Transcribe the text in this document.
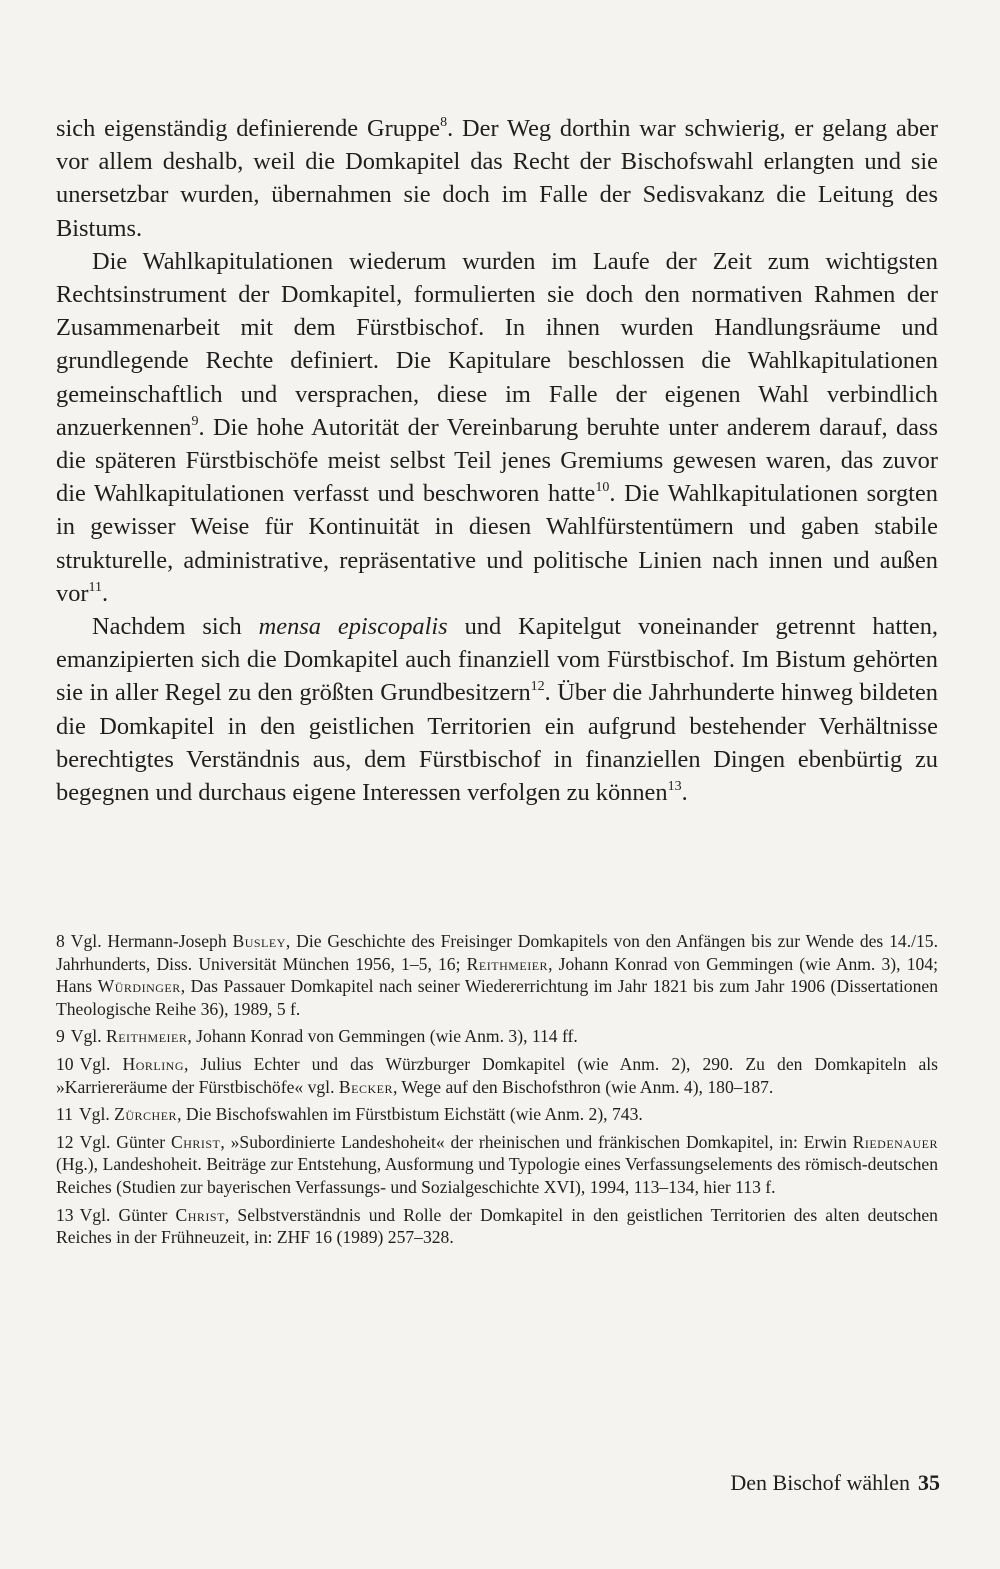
sich eigenständig definierende Gruppe$^8$. Der Weg dorthin war schwierig, er gelang aber vor allem deshalb, weil die Domkapitel das Recht der Bischofswahl erlangten und sie unersetzbar wurden, übernahmen sie doch im Falle der Sedisvakanz die Leitung des Bistums.

Die Wahlkapitulationen wiederum wurden im Laufe der Zeit zum wichtigsten Rechtsinstrument der Domkapitel, formulierten sie doch den normativen Rahmen der Zusammenarbeit mit dem Fürstbischof. In ihnen wurden Handlungsräume und grundlegende Rechte definiert. Die Kapitulare beschlossen die Wahlkapitulationen gemeinschaftlich und versprachen, diese im Falle der eigenen Wahl verbindlich anzuerkennen$^9$. Die hohe Autorität der Vereinbarung beruhte unter anderem darauf, dass die späteren Fürstbischöfe meist selbst Teil jenes Gremiums gewesen waren, das zuvor die Wahlkapitulationen verfasst und beschworen hatte$^{10}$. Die Wahlkapitulationen sorgten in gewisser Weise für Kontinuität in diesen Wahlfürstentümern und gaben stabile strukturelle, administrative, repräsentative und politische Linien nach innen und außen vor$^{11}$.

Nachdem sich mensa episcopalis und Kapitelgut voneinander getrennt hatten, emanzipierten sich die Domkapitel auch finanziell vom Fürstbischof. Im Bistum gehörten sie in aller Regel zu den größten Grundbesitzern$^{12}$. Über die Jahrhunderte hinweg bildeten die Domkapitel in den geistlichen Territorien ein aufgrund bestehender Verhältnisse berechtigtes Verständnis aus, dem Fürstbischof in finanziellen Dingen ebenbürtig zu begegnen und durchaus eigene Interessen verfolgen zu können$^{13}$.

8 Vgl. Hermann-Joseph Busley, Die Geschichte des Freisinger Domkapitels von den Anfängen bis zur Wende des 14./15. Jahrhunderts, Diss. Universität München 1956, 1–5, 16; Reithmeier, Johann Konrad von Gemmingen (wie Anm. 3), 104; Hans Würdinger, Das Passauer Domkapitel nach seiner Wiedererrichtung im Jahr 1821 bis zum Jahr 1906 (Dissertationen Theologische Reihe 36), 1989, 5 f.

9 Vgl. Reithmeier, Johann Konrad von Gemmingen (wie Anm. 3), 114 ff.

10 Vgl. Horling, Julius Echter und das Würzburger Domkapitel (wie Anm. 2), 290. Zu den Domkapiteln als »Karriereräume der Fürstbischöfe« vgl. Becker, Wege auf den Bischofsthron (wie Anm. 4), 180–187.

11 Vgl. Zürcher, Die Bischofswahlen im Fürstbistum Eichstätt (wie Anm. 2), 743.

12 Vgl. Günter Christ, »Subordinierte Landeshoheit« der rheinischen und fränkischen Domkapitel, in: Erwin Riedenauer (Hg.), Landeshoheit. Beiträge zur Entstehung, Ausformung und Typologie eines Verfassungselements des römisch-deutschen Reiches (Studien zur bayerischen Verfassungs- und Sozialgeschichte XVI), 1994, 113–134, hier 113 f.

13 Vgl. Günter Christ, Selbstverständnis und Rolle der Domkapitel in den geistlichen Territorien des alten deutschen Reiches in der Frühneuzeit, in: ZHF 16 (1989) 257–328.

Den Bischof wählen 35
